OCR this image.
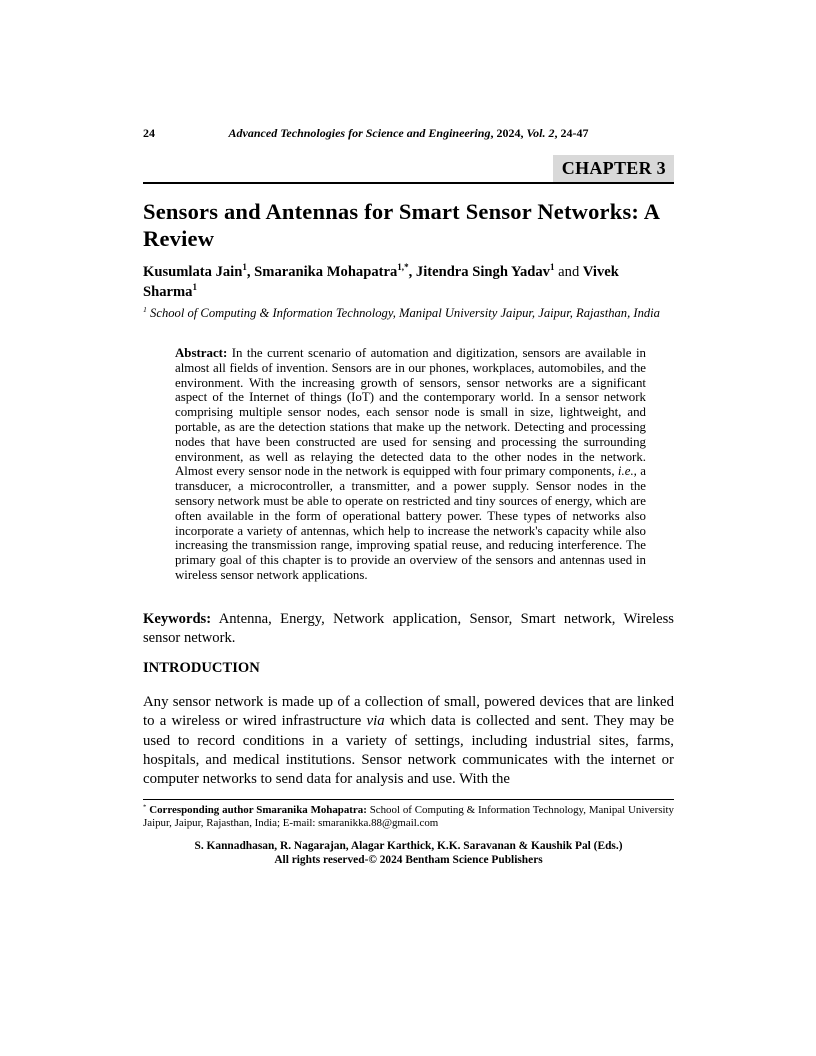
24	Advanced Technologies for Science and Engineering, 2024, Vol. 2, 24-47
CHAPTER 3
Sensors and Antennas for Smart Sensor Networks: A Review
Kusumlata Jain$^1$, Smaranika Mohapatra$^{1,*}$, Jitendra Singh Yadav$^1$ and Vivek Sharma$^1$
$^1$ School of Computing & Information Technology, Manipal University Jaipur, Jaipur, Rajasthan, India
Abstract: In the current scenario of automation and digitization, sensors are available in almost all fields of invention. Sensors are in our phones, workplaces, automobiles, and the environment. With the increasing growth of sensors, sensor networks are a significant aspect of the Internet of things (IoT) and the contemporary world. In a sensor network comprising multiple sensor nodes, each sensor node is small in size, lightweight, and portable, as are the detection stations that make up the network. Detecting and processing nodes that have been constructed are used for sensing and processing the surrounding environment, as well as relaying the detected data to the other nodes in the network. Almost every sensor node in the network is equipped with four primary components, i.e., a transducer, a microcontroller, a transmitter, and a power supply. Sensor nodes in the sensory network must be able to operate on restricted and tiny sources of energy, which are often available in the form of operational battery power. These types of networks also incorporate a variety of antennas, which help to increase the network's capacity while also increasing the transmission range, improving spatial reuse, and reducing interference. The primary goal of this chapter is to provide an overview of the sensors and antennas used in wireless sensor network applications.
Keywords: Antenna, Energy, Network application, Sensor, Smart network, Wireless sensor network.
INTRODUCTION

Any sensor network is made up of a collection of small, powered devices that are linked to a wireless or wired infrastructure via which data is collected and sent. They may be used to record conditions in a variety of settings, including industrial sites, farms, hospitals, and medical institutions. Sensor network communicates with the internet or computer networks to send data for analysis and use. With the

* Corresponding author Smaranika Mohapatra: School of Computing & Information Technology, Manipal University Jaipur, Jaipur, Rajasthan, India; E-mail: smaranikka.88@gmail.com
S. Kannadhasan, R. Nagarajan, Alagar Karthick, K.K. Saravanan & Kaushik Pal (Eds.)
All rights reserved-© 2024 Bentham Science Publishers
